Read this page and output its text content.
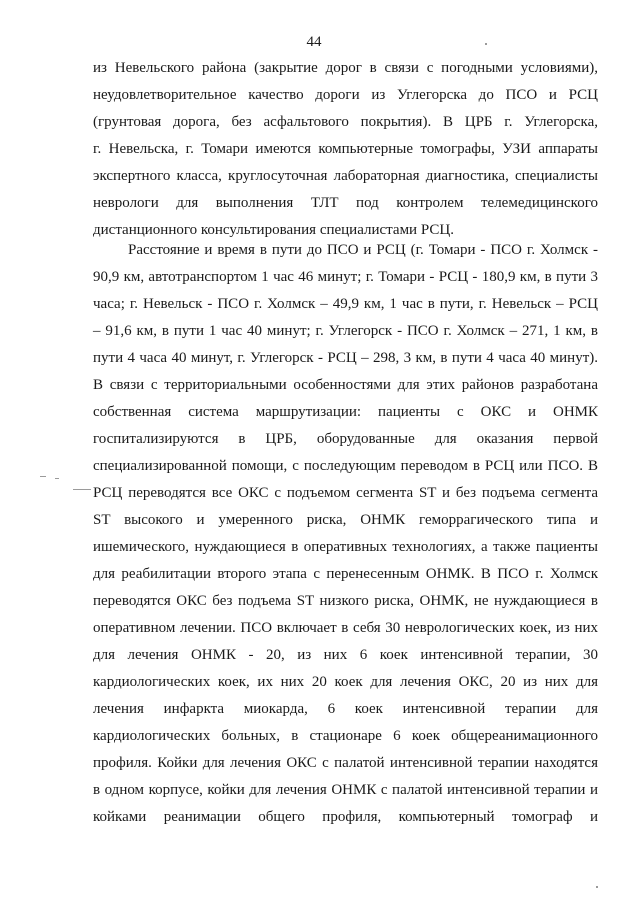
44
из Невельского района (закрытие дорог в связи с погодными условиями),
неудовлетворительное качество дороги из Углегорска до ПСО и РСЦ
(грунтовая дорога, без асфальтового покрытия). В ЦРБ г. Углегорска,
г. Невельска, г. Томари имеются компьютерные томографы, УЗИ аппараты
экспертного класса, круглосуточная лабораторная диагностика, специалисты
неврологи для выполнения ТЛТ под контролем телемедицинского
дистанционного консультирования специалистами РСЦ.
Расстояние и время в пути до ПСО и РСЦ (г. Томари - ПСО г. Холмск -
90,9 км, автотранспортом 1 час 46 минут; г. Томари - РСЦ - 180,9 км, в пути 3
часа; г. Невельск - ПСО г. Холмск – 49,9 км, 1 час в пути, г. Невельск – РСЦ
– 91,6 км, в пути 1 час 40 минут; г. Углегорск - ПСО г. Холмск – 271, 1 км, в
пути 4 часа 40 минут, г. Углегорск - РСЦ – 298, 3 км, в пути 4 часа 40 минут).
В связи с территориальными особенностями для этих районов разработана
собственная система маршрутизации: пациенты с ОКС и ОНМК
госпитализируются в ЦРБ, оборудованные для оказания первой
специализированной помощи, с последующим переводом в РСЦ или ПСО. В
РСЦ переводятся все ОКС с подъемом сегмента ST и без подъема сегмента
ST высокого и умеренного риска, ОНМК геморрагического типа и
ишемического, нуждающиеся в оперативных технологиях, а также пациенты
для реабилитации второго этапа с перенесенным ОНМК. В ПСО г. Холмск
переводятся ОКС без подъема ST низкого риска, ОНМК, не нуждающиеся в
оперативном лечении. ПСО включает в себя 30 неврологических коек, из них
для лечения ОНМК - 20, из них 6 коек интенсивной терапии, 30
кардиологических коек, их них 20 коек для лечения ОКС, 20 из них для
лечения инфаркта миокарда, 6 коек интенсивной терапии для
кардиологических больных, в стационаре 6 коек общереанимационного
профиля. Койки для лечения ОКС с палатой интенсивной терапии находятся
в одном корпусе, койки для лечения ОНМК с палатой интенсивной терапии и
койками реанимации общего профиля, компьютерный томограф и
